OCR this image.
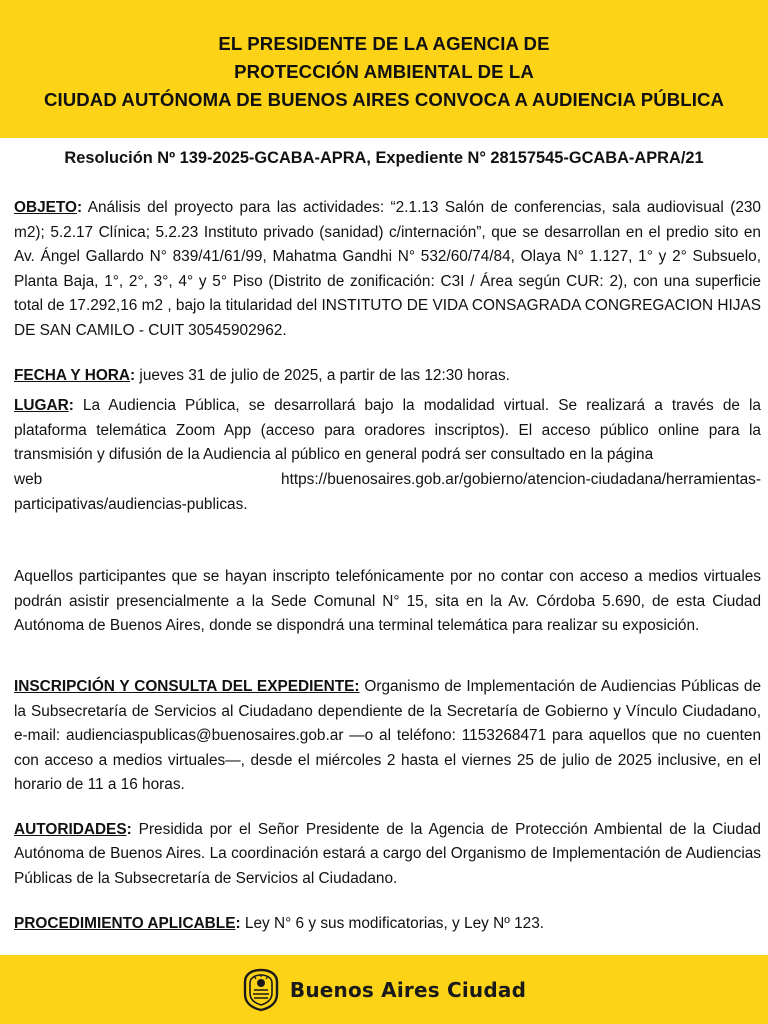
EL PRESIDENTE DE LA AGENCIA DE
PROTECCIÓN AMBIENTAL DE LA
CIUDAD AUTÓNOMA DE BUENOS AIRES CONVOCA A AUDIENCIA PÚBLICA
Resolución Nº 139-2025-GCABA-APRA, Expediente N° 28157545-GCABA-APRA/21

OBJETO: Análisis del proyecto para las actividades: “2.1.13 Salón de conferencias, sala audiovisual (230 m2); 5.2.17 Clínica; 5.2.23 Instituto privado (sanidad) c/internación”, que se desarrollan en el predio sito en Av. Ángel Gallardo N° 839/41/61/99, Mahatma Gandhi N° 532/60/74/84, Olaya N° 1.127, 1° y 2° Subsuelo, Planta Baja, 1°, 2°, 3°, 4° y 5° Piso (Distrito de zonificación: C3I / Área según CUR: 2), con una superficie total de 17.292,16 m2 , bajo la titularidad del INSTITUTO DE VIDA CONSAGRADA CONGREGACION HIJAS DE SAN CAMILO - CUIT 30545902962.

FECHA Y HORA: jueves 31 de julio de 2025, a partir de las 12:30 horas.

LUGAR: La Audiencia Pública, se desarrollará bajo la modalidad virtual. Se realizará a través de la plataforma telemática Zoom App (acceso para oradores inscriptos). El acceso público online para la transmisión y difusión de la Audiencia al público en general podrá ser consultado en la página

web	https://buenosaires.gob.ar/gobierno/atencion-ciudadana/herramientas-

participativas/audiencias-publicas.

Aquellos participantes que se hayan inscripto telefónicamente por no contar con acceso a medios virtuales podrán asistir presencialmente a la Sede Comunal N° 15, sita en la Av. Córdoba 5.690, de esta Ciudad Autónoma de Buenos Aires, donde se dispondrá una terminal telemática para realizar su exposición.

INSCRIPCIÓN Y CONSULTA DEL EXPEDIENTE: Organismo de Implementación de Audiencias Públicas de la Subsecretaría de Servicios al Ciudadano dependiente de la Secretaría de Gobierno y Vínculo Ciudadano, e-mail: audienciaspublicas@buenosaires.gob.ar —o al teléfono: 1153268471 para aquellos que no cuenten con acceso a medios virtuales—, desde el miércoles 2 hasta el viernes 25 de julio de 2025 inclusive, en el horario de 11 a 16 horas.

AUTORIDADES: Presidida por el Señor Presidente de la Agencia de Protección Ambiental de la Ciudad Autónoma de Buenos Aires. La coordinación estará a cargo del Organismo de Implementación de Audiencias Públicas de la Subsecretaría de Servicios al Ciudadano.

PROCEDIMIENTO APLICABLE: Ley N° 6 y sus modificatorias, y Ley Nº 123.

Buenos Aires Ciudad
